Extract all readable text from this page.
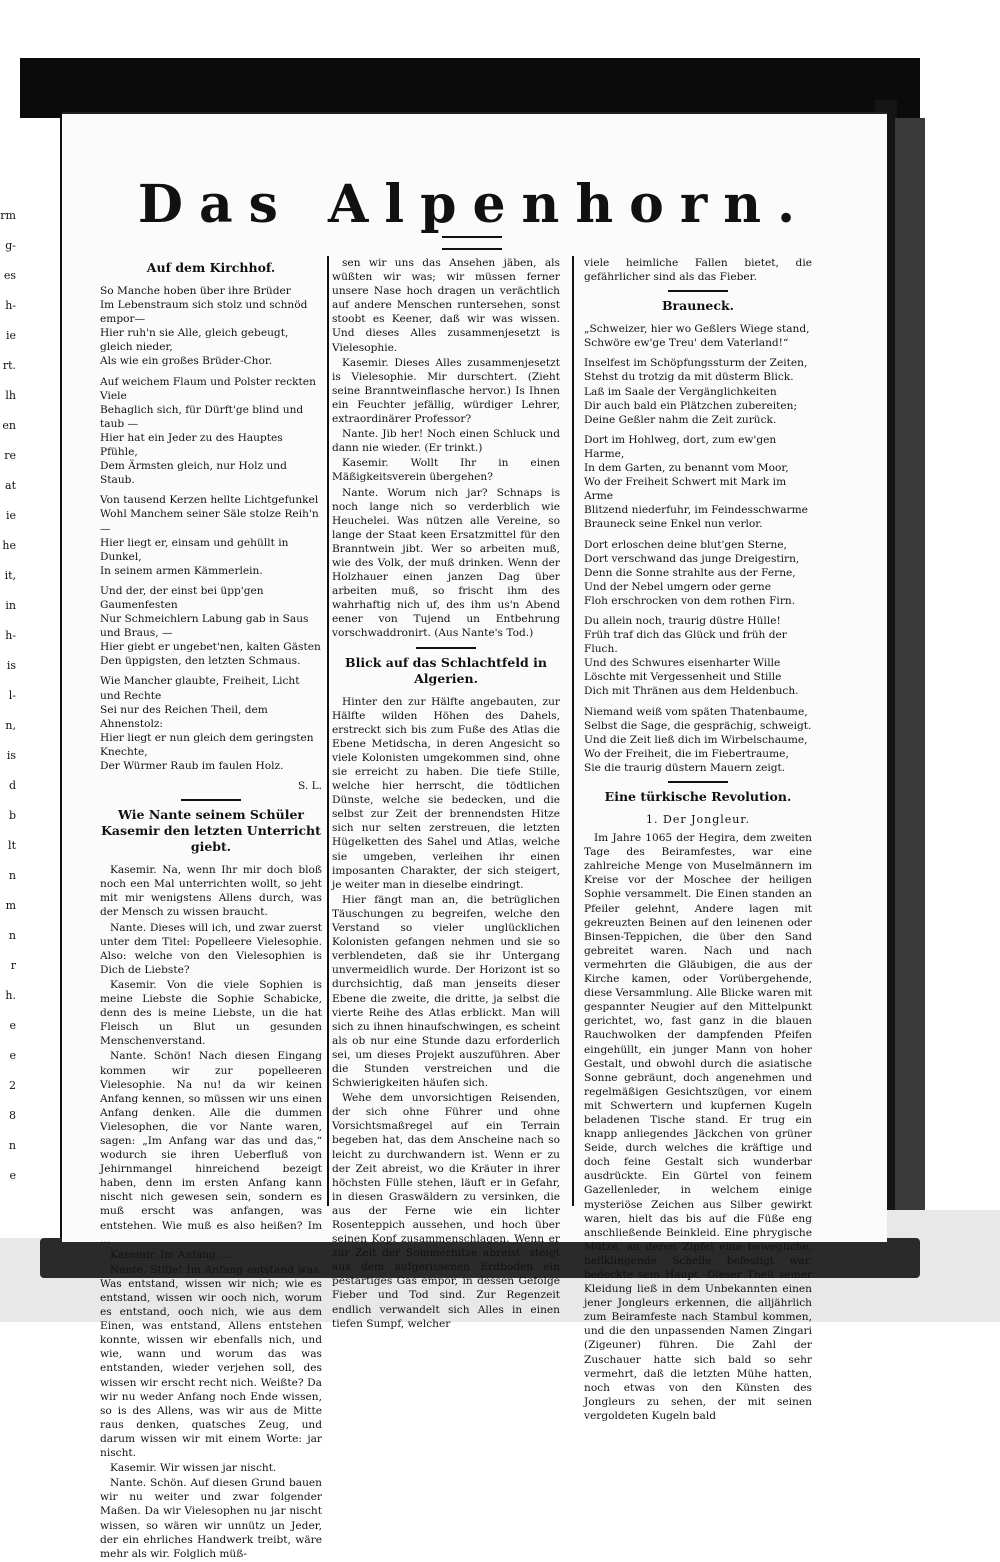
rm
g-
es
h-
ie
rt.
lh
en
re
at
ie
he
it,
in
h-
is
l-
n,
is
d
b
lt
n
m
n
r
h.
e
e
2
8
n
e
Das Alpenhorn.
Auf dem Kirchhof.

So Manche hoben über ihre Brüder

Im Lebenstraum sich stolz und schnöd empor—

Hier ruh'n sie Alle, gleich gebeugt, gleich nieder,

Als wie ein großes Brüder-Chor.

Auf weichem Flaum und Polster reckten Viele

Behaglich sich, für Dürft'ge blind und taub —

Hier hat ein Jeder zu des Hauptes Pfühle,

Dem Ärmsten gleich, nur Holz und Staub.

Von tausend Kerzen hellte Lichtgefunkel

Wohl Manchem seiner Säle stolze Reih'n —

Hier liegt er, einsam und gehüllt in Dunkel,

In seinem armen Kämmerlein.

Und der, der einst bei üpp'gen Gaumenfesten

Nur Schmeichlern Labung gab in Saus und Braus, —

Hier giebt er ungebet'nen, kalten Gästen

Den üppigsten, den letzten Schmaus.

Wie Mancher glaubte, Freiheit, Licht und Rechte

Sei nur des Reichen Theil, dem Ahnenstolz:

Hier liegt er nun gleich dem geringsten Knechte,

Der Würmer Raub im faulen Holz.

S. L.
Wie Nante seinem Schüler Kasemir den letzten Unterricht giebt.

Kasemir. Na, wenn Ihr mir doch bloß noch een Mal unterrichten wollt, so jeht mit mir wenigstens Allens durch, was der Mensch zu wissen braucht.

Nante. Dieses will ich, und zwar zuerst unter dem Titel: Popelleere Vielesophie. Also: welche von den Vielesophien is Dich de Liebste?

Kasemir. Von die viele Sophien is meine Liebste die Sophie Schabicke, denn des is meine Liebste, un die hat Fleisch un Blut un gesunden Menschenverstand.

Nante. Schön! Nach diesen Eingang kommen wir zur popelleeren Vielesophie. Na nu! da wir keinen Anfang kennen, so müssen wir uns einen Anfang denken. Alle die dummen Vielesophen, die vor Nante waren, sagen: „Im Anfang war das und das,“ wodurch sie ihren Ueberfluß von Jehirnmangel hinreichend bezeigt haben, denn im ersten Anfang kann nischt nich gewesen sein, sondern es muß erscht was anfangen, was entstehen. Wie muß es also heißen? Im ...

Kasemir. Im Anfang ....

Nante. Stille! Im Anfang entstand was. Was entstand, wissen wir nich; wie es entstand, wissen wir ooch nich, worum es entstand, ooch nich, wie aus dem Einen, was entstand, Allens entstehen konnte, wissen wir ebenfalls nich, und wie, wann und worum das was entstanden, wieder verjehen soll, des wissen wir erscht recht nich. Weißte? Da wir nu weder Anfang noch Ende wissen, so is des Allens, was wir aus de Mitte raus denken, quatsches Zeug, und darum wissen wir mit einem Worte: jar nischt.

Kasemir. Wir wissen jar nischt.

Nante. Schön. Auf diesen Grund bauen wir nu weiter und zwar folgender Maßen. Da wir Vielesophen nu jar nischt wissen, so wären wir unnütz un Jeder, der ein ehrliches Handwerk treibt, wäre mehr als wir. Folglich müß-

sen wir uns das Ansehen jäben, als wüßten wir was; wir müssen ferner unsere Nase hoch dragen un verächtlich auf andere Menschen runtersehen, sonst stoobt es Keener, daß wir was wissen. Und dieses Alles zusammenjesetzt is Vielesophie.

Kasemir. Dieses Alles zusammenjesetzt is Vielesophie. Mir durschtert. (Zieht seine Branntweinflasche hervor.) Is Ihnen ein Feuchter jefällig, würdiger Lehrer, extraordinärer Professor?

Nante. Jib her! Noch einen Schluck und dann nie wieder. (Er trinkt.)

Kasemir. Wollt Ihr in einen Mäßigkeitsverein übergehen?

Nante. Worum nich jar? Schnaps is noch lange nich so verderblich wie Heuchelei. Was nützen alle Vereine, so lange der Staat keen Ersatzmittel für den Branntwein jibt. Wer so arbeiten muß, wie des Volk, der muß drinken. Wenn der Holzhauer einen janzen Dag über arbeiten muß, so frischt ihm des wahrhaftig nich uf, des ihm us'n Abend eener von Tujend un Entbehrung vorschwaddronirt. (Aus Nante's Tod.)

Blick auf das Schlachtfeld in Algerien.

Hinter den zur Hälfte angebauten, zur Hälfte wilden Höhen des Dahels, erstreckt sich bis zum Fuße des Atlas die Ebene Metidscha, in deren Angesicht so viele Kolonisten umgekommen sind, ohne sie erreicht zu haben. Die tiefe Stille, welche hier herrscht, die tödtlichen Dünste, welche sie bedecken, und die selbst zur Zeit der brennendsten Hitze sich nur selten zerstreuen, die letzten Hügelketten des Sahel und Atlas, welche sie umgeben, verleihen ihr einen imposanten Charakter, der sich steigert, je weiter man in dieselbe eindringt.

Hier fängt man an, die betrüglichen Täuschungen zu begreifen, welche den Verstand so vieler unglücklichen Kolonisten gefangen nehmen und sie so verblendeten, daß sie ihr Untergang unvermeidlich wurde. Der Horizont ist so durchsichtig, daß man jenseits dieser Ebene die zweite, die dritte, ja selbst die vierte Reihe des Atlas erblickt. Man will sich zu ihnen hinaufschwingen, es scheint als ob nur eine Stunde dazu erforderlich sei, um dieses Projekt auszuführen. Aber die Stunden verstreichen und die Schwierigkeiten häufen sich.

Wehe dem unvorsichtigen Reisenden, der sich ohne Führer und ohne Vorsichtsmaßregel auf ein Terrain begeben hat, das dem Anscheine nach so leicht zu durchwandern ist. Wenn er zu der Zeit abreist, wo die Kräuter in ihrer höchsten Fülle stehen, läuft er in Gefahr, in diesen Graswäldern zu versinken, die aus der Ferne wie ein lichter Rosenteppich aussehen, und hoch über seinen Kopf zusammenschlagen. Wenn er zur Zeit der Sommerhitze abreist, steigt aus dem aufgerissenen Erdboden ein pestartiges Gas empor, in dessen Gefolge Fieber und Tod sind. Zur Regenzeit endlich verwandelt sich Alles in einen tiefen Sumpf, welcher

viele heimliche Fallen bietet, die gefährlicher sind als das Fieber.

Brauneck.

„Schweizer, hier wo Geßlers Wiege stand,

Schwöre ew'ge Treu' dem Vaterland!“

Inselfest im Schöpfungssturm der Zeiten,

Stehst du trotzig da mit düsterm Blick.

Laß im Saale der Vergänglichkeiten

Dir auch bald ein Plätzchen zubereiten;

Deine Geßler nahm die Zeit zurück.

Dort im Hohlweg, dort, zum ew'gen Harme,

In dem Garten, zu benannt vom Moor,

Wo der Freiheit Schwert mit Mark im Arme

Blitzend niederfuhr, im Feindesschwarme

Brauneck seine Enkel nun verlor.

Dort erloschen deine blut'gen Sterne,

Dort verschwand das junge Dreigestirn,

Denn die Sonne strahlte aus der Ferne,

Und der Nebel umgern oder gerne

Floh erschrocken von dem rothen Firn.

Du allein noch, traurig düstre Hülle!

Früh traf dich das Glück und früh der Fluch.

Und des Schwures eisenharter Wille

Löschte mit Vergessenheit und Stille

Dich mit Thränen aus dem Heldenbuch.

Niemand weiß vom späten Thatenbaume,

Selbst die Sage, die gesprächig, schweigt.

Und die Zeit ließ dich im Wirbelschaume,

Wo der Freiheit, die im Fiebertraume,

Sie die traurig düstern Mauern zeigt.

Eine türkische Revolution.
1. Der Jongleur.

Im Jahre 1065 der Hegira, dem zweiten Tage des Beiramfestes, war eine zahlreiche Menge von Muselmännern im Kreise vor der Moschee der heiligen Sophie versammelt. Die Einen standen an Pfeiler gelehnt, Andere lagen mit gekreuzten Beinen auf den leinenen oder Binsen-Teppichen, die über den Sand gebreitet waren. Nach und nach vermehrten die Gläubigen, die aus der Kirche kamen, oder Vorübergehende, diese Versammlung. Alle Blicke waren mit gespannter Neugier auf den Mittelpunkt gerichtet, wo, fast ganz in die blauen Rauchwolken der dampfenden Pfeifen eingehüllt, ein junger Mann von hoher Gestalt, und obwohl durch die asiatische Sonne gebräunt, doch angenehmen und regelmäßigen Gesichtszügen, vor einem mit Schwertern und kupfernen Kugeln beladenen Tische stand. Er trug ein knapp anliegendes Jäckchen von grüner Seide, durch welches die kräftige und doch feine Gestalt sich wunderbar ausdrückte. Ein Gürtel von feinem Gazellenleder, in welchem einige mysteriöse Zeichen aus Silber gewirkt waren, hielt das bis auf die Füße eng anschließende Beinkleid. Eine phrygische Mütze, an deren Zipfel eine bewegliche, hellklingende Schelle befestigt war, bedeckte sein Haupt. Dieser Theil seiner Kleidung ließ in dem Unbekannten einen jener Jongleurs erkennen, die alljährlich zum Beiramfeste nach Stambul kommen, und die den unpassenden Namen Zingari (Zigeuner) führen. Die Zahl der Zuschauer hatte sich bald so sehr vermehrt, daß die letzten Mühe hatten, noch etwas von den Künsten des Jongleurs zu sehen, der mit seinen vergoldeten Kugeln bald
